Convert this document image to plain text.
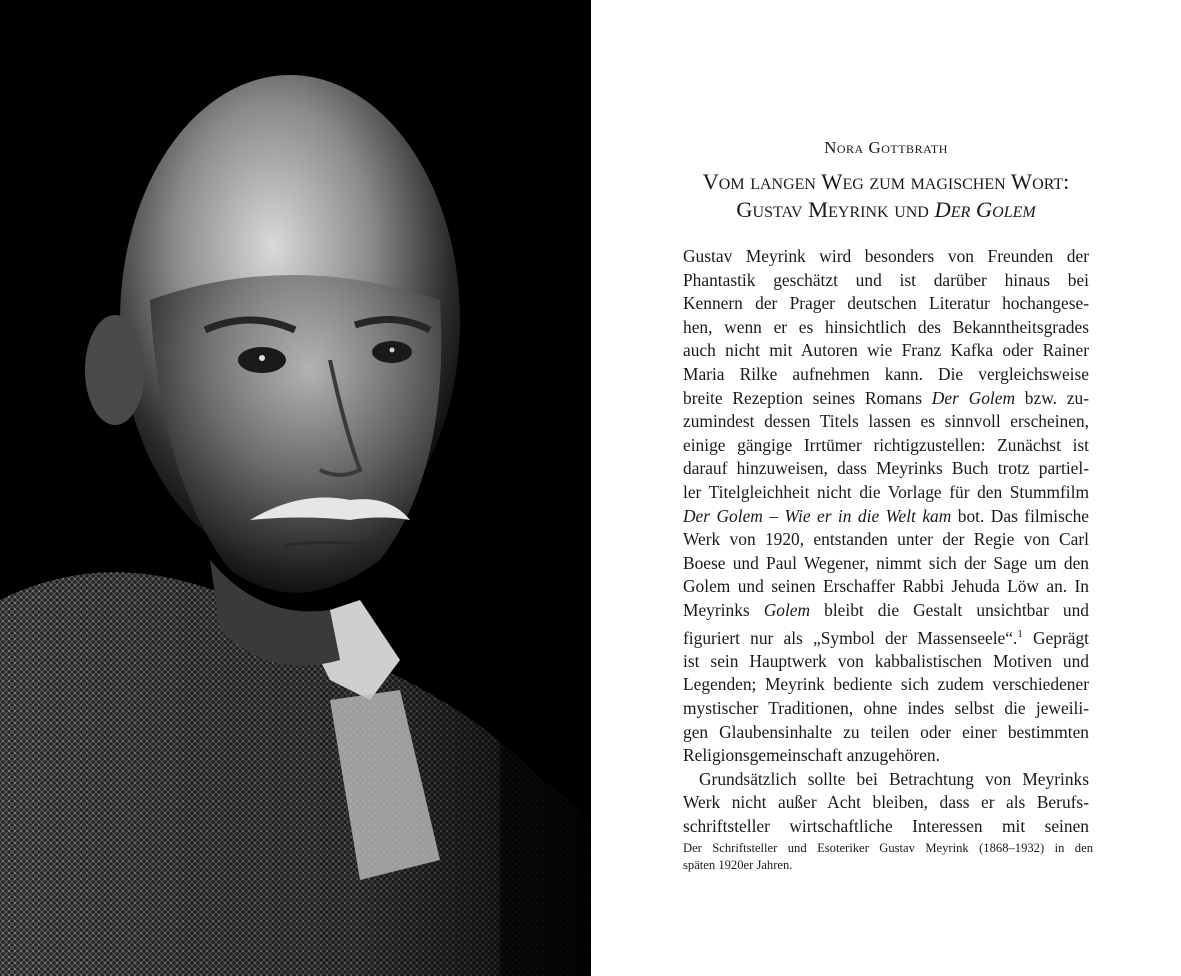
Nora Gottbrath
Vom langen Weg zum magischen Wort:
Gustav Meyrink und Der Golem
Gustav Meyrink wird besonders von Freunden der
Phantastik geschätzt und ist darüber hinaus bei
Kennern der Prager deutschen Literatur hochangese-
hen, wenn er es hinsichtlich des Bekanntheitsgrades
auch nicht mit Autoren wie Franz Kafka oder Rainer
Maria Rilke aufnehmen kann. Die vergleichsweise
breite Rezeption seines Romans Der Golem bzw. zu-
zumindest dessen Titels lassen es sinnvoll erscheinen,
einige gängige Irrtümer richtigzustellen: Zunächst ist
darauf hinzuweisen, dass Meyrinks Buch trotz partiel-
ler Titelgleichheit nicht die Vorlage für den Stummfilm
Der Golem – Wie er in die Welt kam bot. Das filmische
Werk von 1920, entstanden unter der Regie von Carl
Boese und Paul Wegener, nimmt sich der Sage um den
Golem und seinen Erschaffer Rabbi Jehuda Löw an. In
Meyrinks Golem bleibt die Gestalt unsichtbar und
figuriert nur als „Symbol der Massenseele“.$^1$ Geprägt
ist sein Hauptwerk von kabbalistischen Motiven und
Legenden; Meyrink bediente sich zudem verschiedener
mystischer Traditionen, ohne indes selbst die jeweili-
gen Glaubensinhalte zu teilen oder einer bestimmten
Religionsgemeinschaft anzugehören.
Grundsätzlich sollte bei Betrachtung von Meyrinks
Werk nicht außer Acht bleiben, dass er als Berufs-
schriftsteller wirtschaftliche Interessen mit seinen
Der Schriftsteller und Esoteriker Gustav Meyrink (1868–1932) in den
späten 1920er Jahren.
